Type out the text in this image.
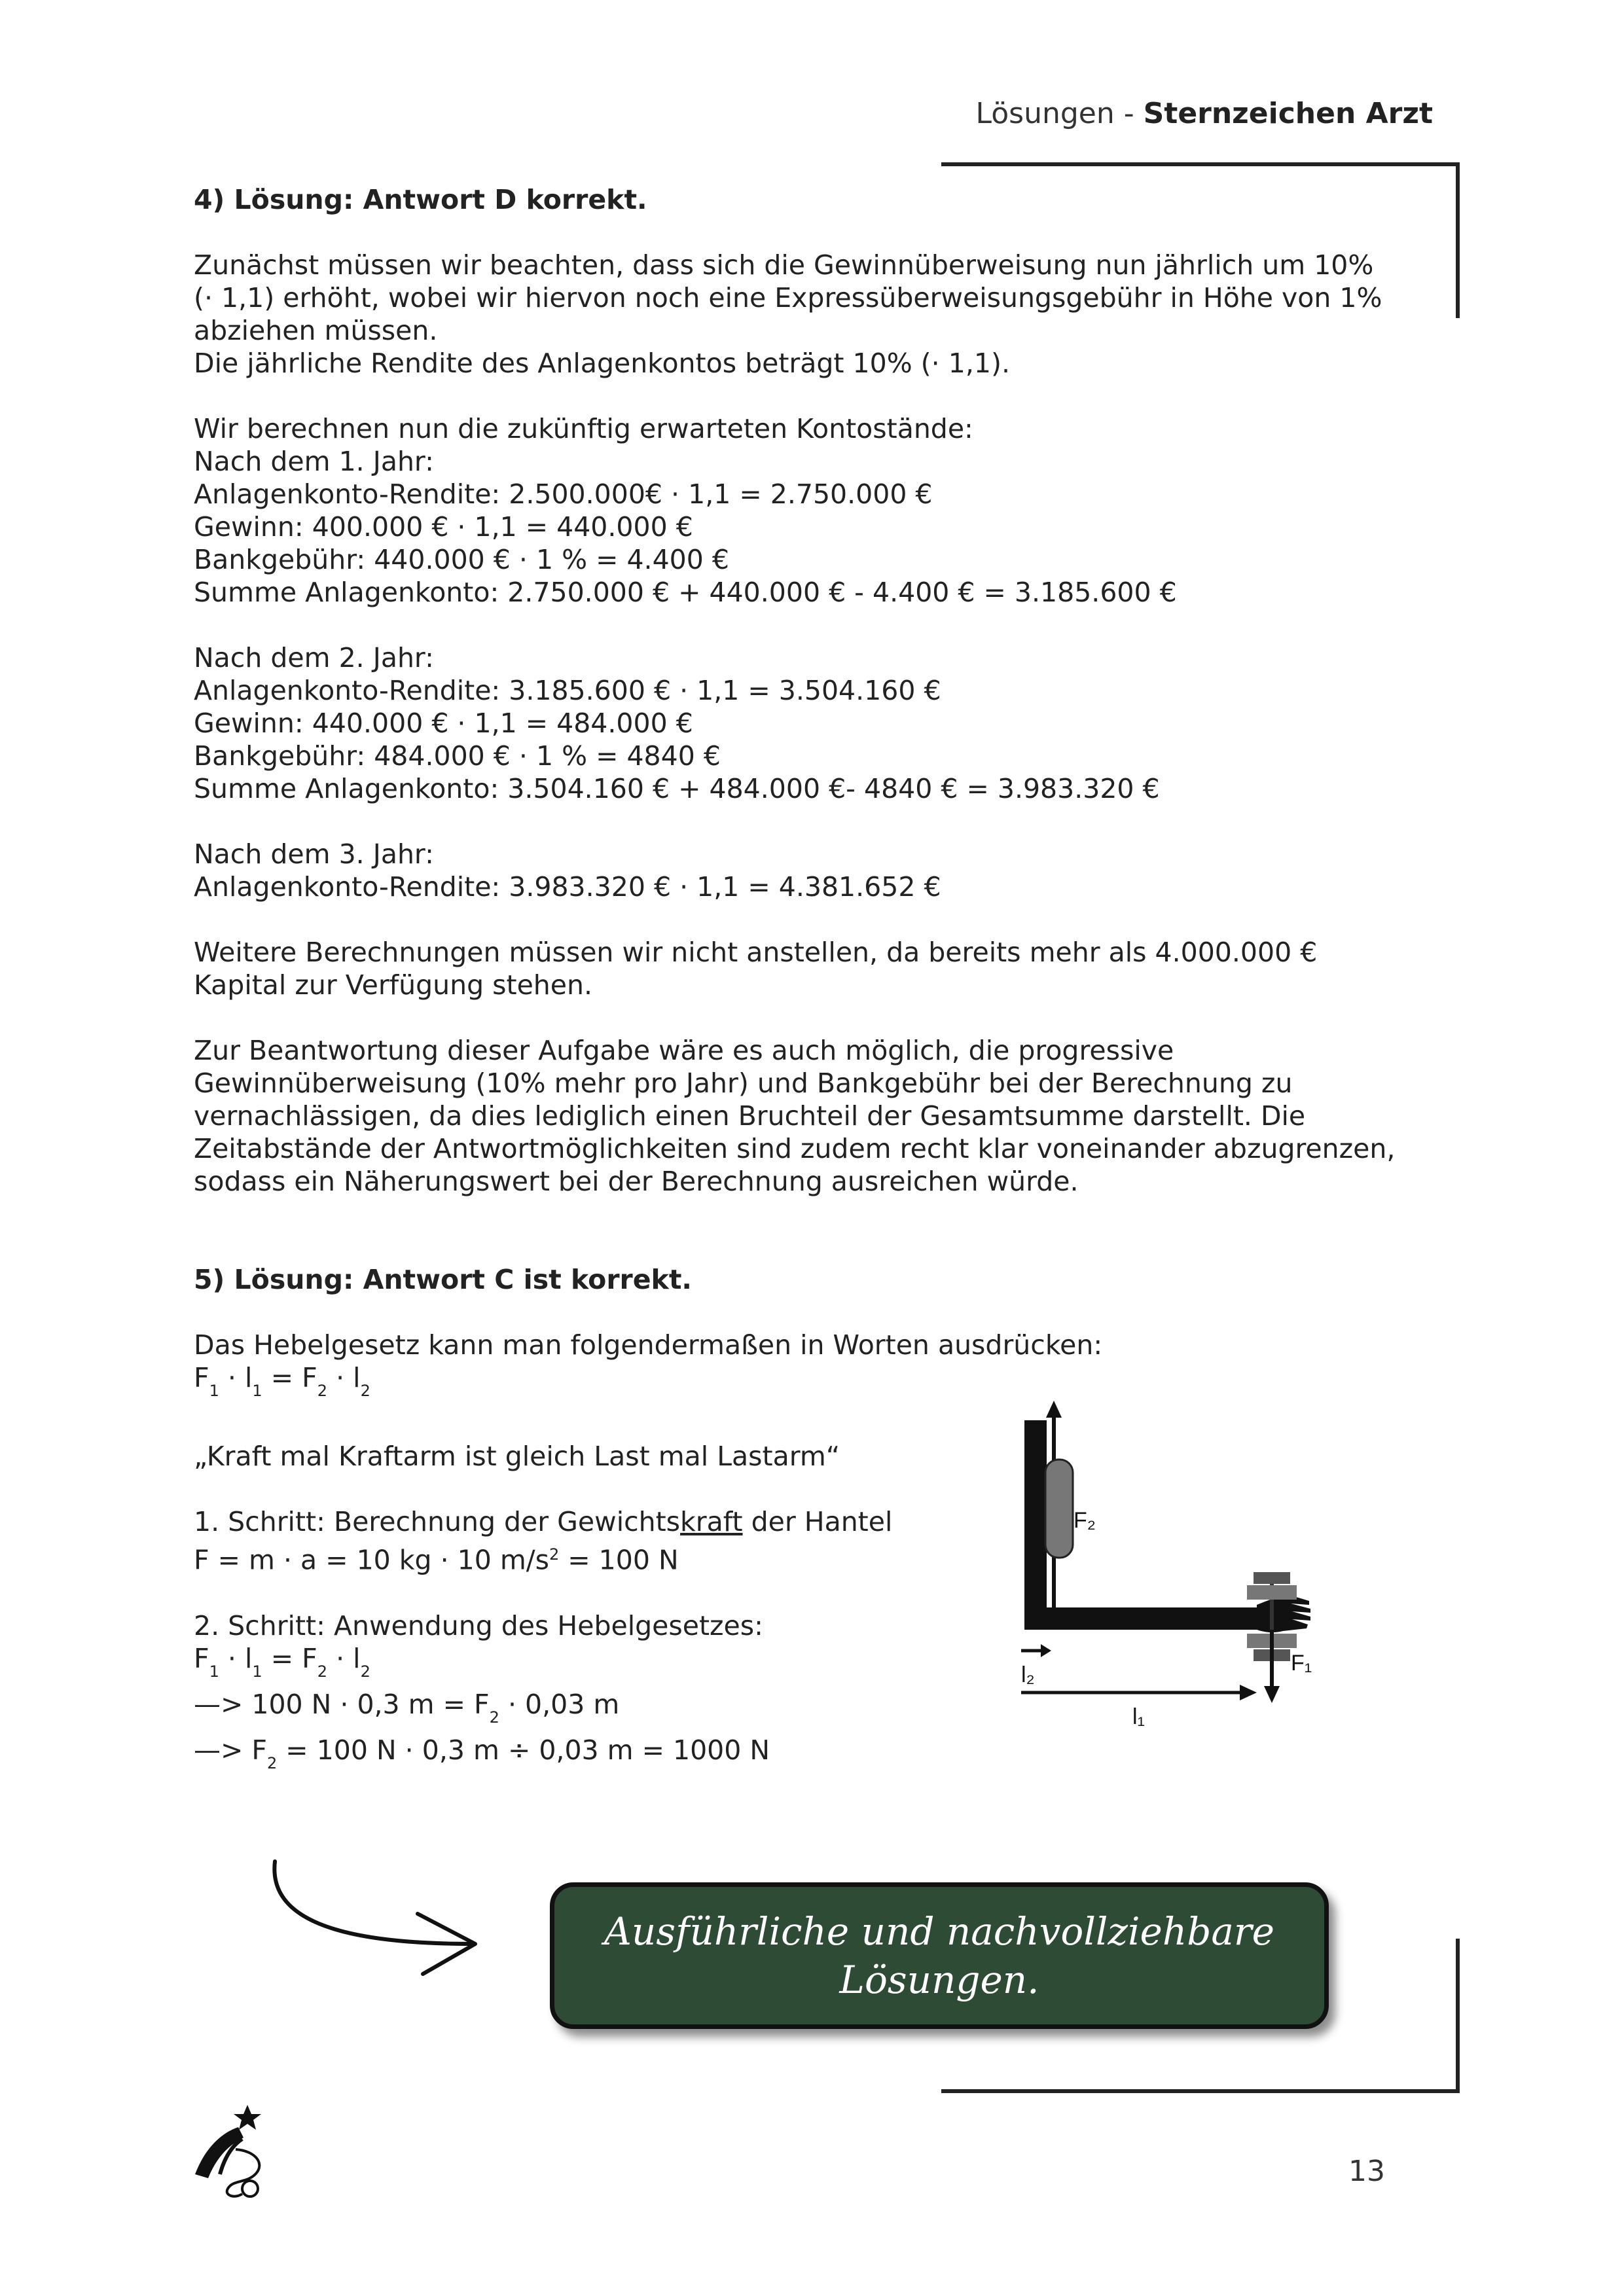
Lösungen - Sternzeichen Arzt

4) Lösung: Antwort D korrekt.

Zunächst müssen wir beachten, dass sich die Gewinnüberweisung nun jährlich um 10%

(· 1,1) erhöht, wobei wir hiervon noch eine Expressüberweisungsgebühr in Höhe von 1%

abziehen müssen.

Die jährliche Rendite des Anlagenkontos beträgt 10% (· 1,1).

Wir berechnen nun die zukünftig erwarteten Kontostände:

Nach dem 1. Jahr:

Anlagenkonto-Rendite: 2.500.000€ · 1,1 = 2.750.000 €

Gewinn: 400.000 € · 1,1 = 440.000 €

Bankgebühr: 440.000 € · 1 % = 4.400 €

Summe Anlagenkonto: 2.750.000 € + 440.000 € - 4.400 € = 3.185.600 €

Nach dem 2. Jahr:

Anlagenkonto-Rendite: 3.185.600 € · 1,1 = 3.504.160 €

Gewinn: 440.000 € · 1,1 = 484.000 €

Bankgebühr: 484.000 € · 1 % = 4840 €

Summe Anlagenkonto: 3.504.160 € + 484.000 €- 4840 € = 3.983.320 €

Nach dem 3. Jahr:

Anlagenkonto-Rendite: 3.983.320 € · 1,1 = 4.381.652 €

Weitere Berechnungen müssen wir nicht anstellen, da bereits mehr als 4.000.000 €

Kapital zur Verfügung stehen.

Zur Beantwortung dieser Aufgabe wäre es auch möglich, die progressive

Gewinnüberweisung (10% mehr pro Jahr) und Bankgebühr bei der Berechnung zu

vernachlässigen, da dies lediglich einen Bruchteil der Gesamtsumme darstellt. Die

Zeitabstände der Antwortmöglichkeiten sind zudem recht klar voneinander abzugrenzen,

sodass ein Näherungswert bei der Berechnung ausreichen würde.

5) Lösung: Antwort C ist korrekt.

Das Hebelgesetz kann man folgendermaßen in Worten ausdrücken:

$F_1 \cdot l_1 = F_2 \cdot l_2$

„Kraft mal Kraftarm ist gleich Last mal Lastarm“

1. Schritt: Berechnung der Gewichtskraft der Hantel

F = m · a = 10 kg · 10 $m/s^2 = 100$ N

2. Schritt: Anwendung des Hebelgesetzes:

$F_1 \cdot l_1 = F_2 \cdot l_2$

—> 100 N · 0,3 $m = F_2 \cdot 0,03$ m

—> $F_2 = 100$ N · 0,3 m ÷ 0,03 m = 1000 N

F₂
F₁
l₂
l₁
Ausführliche und nachvollziehbare
Lösungen.
13
